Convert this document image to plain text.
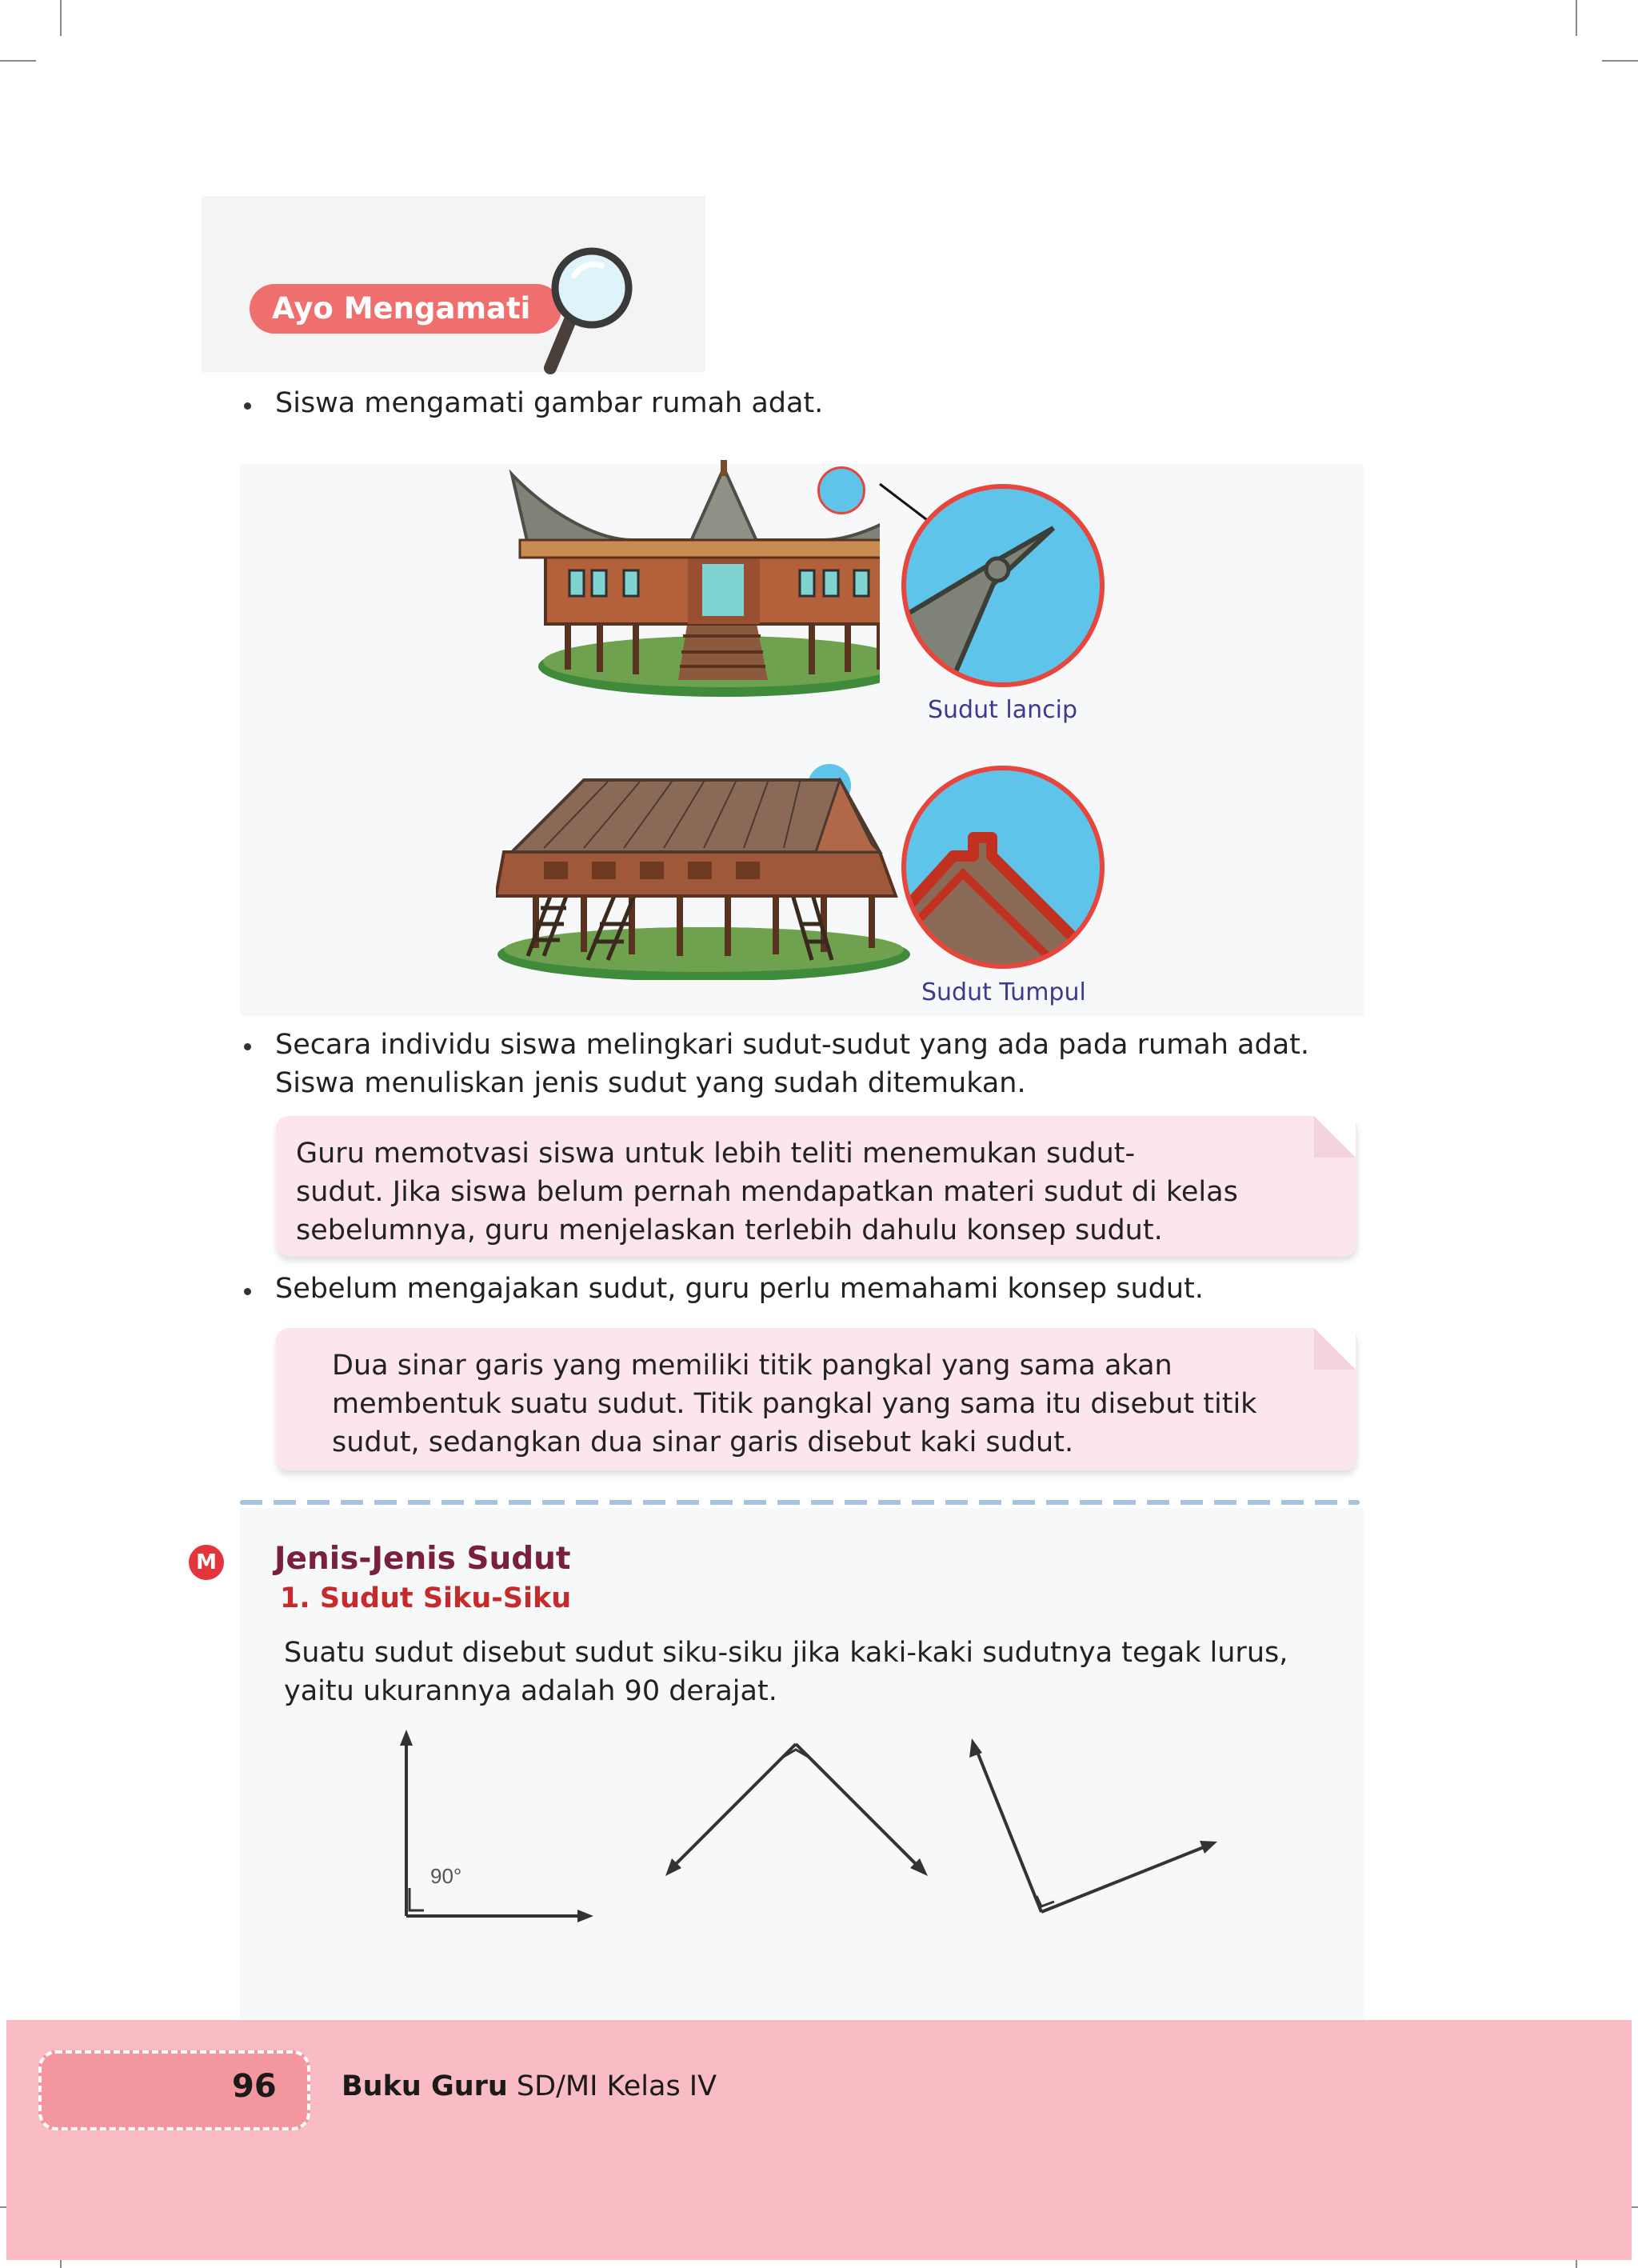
Ayo Mengamati
Siswa mengamati gambar rumah adat.
Sudut lancip
Sudut Tumpul
Secara individu siswa melingkari sudut-sudut yang ada pada rumah adat.
Siswa menuliskan jenis sudut yang sudah ditemukan.
Guru memotvasi siswa untuk lebih teliti menemukan sudut-
sudut. Jika siswa belum pernah mendapatkan materi sudut di kelas
sebelumnya, guru menjelaskan terlebih dahulu konsep sudut.
Sebelum mengajakan sudut, guru perlu memahami konsep sudut.
Dua sinar garis yang memiliki titik pangkal yang sama akan
membentuk suatu sudut. Titik pangkal yang sama itu disebut titik
sudut, sedangkan dua sinar garis disebut kaki sudut.
M Jenis-Jenis Sudut
1. Sudut Siku-Siku
Suatu sudut disebut sudut siku-siku jika kaki-kaki sudutnya tegak lurus,
yaitu ukurannya adalah 90 derajat.
90°
96 Buku Guru SD/MI Kelas IV
